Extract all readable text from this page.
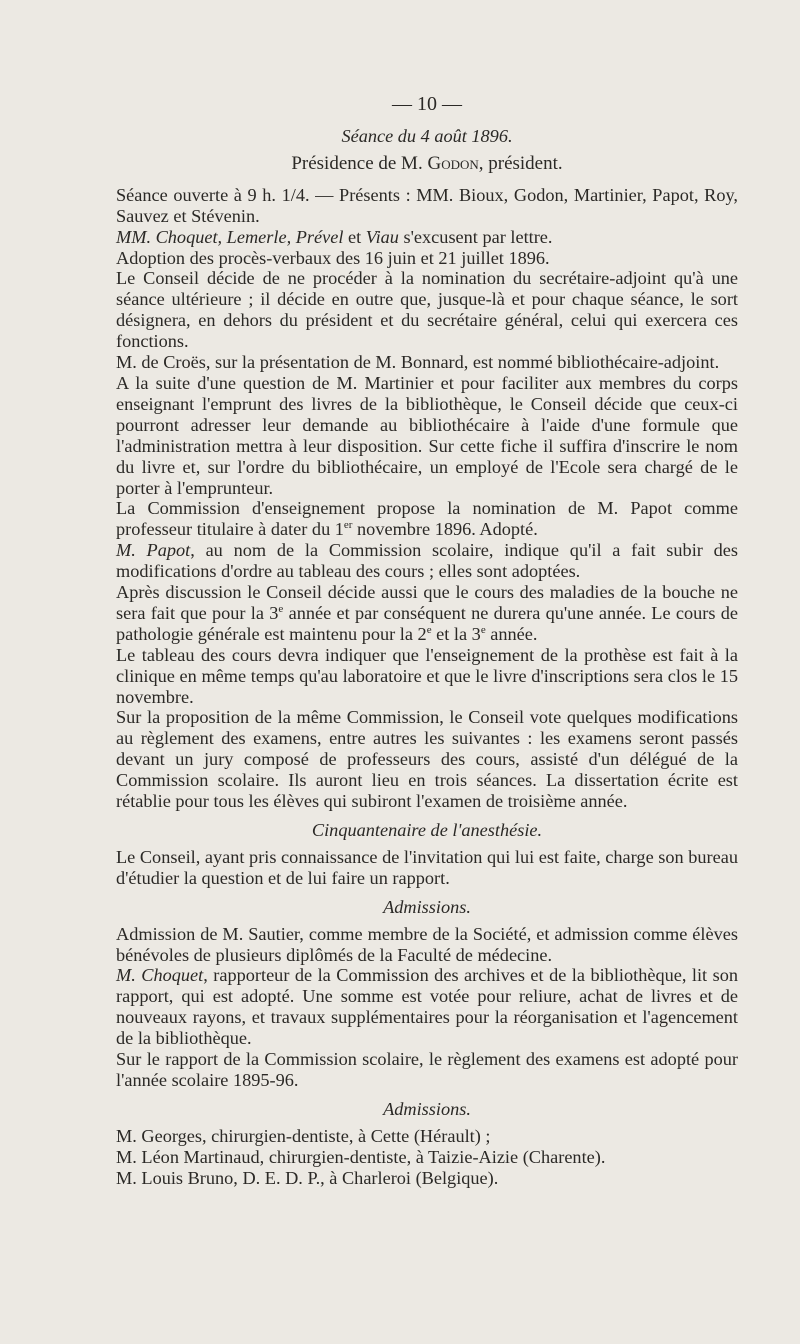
— 10 —
Séance du 4 août 1896.
Présidence de M. Godon, président.

Séance ouverte à 9 h. 1/4. — Présents : MM. Bioux, Godon, Martinier, Papot, Roy, Sauvez et Stévenin.

MM. Choquet, Lemerle, Prével et Viau s'excusent par lettre.

Adoption des procès-verbaux des 16 juin et 21 juillet 1896.

Le Conseil décide de ne procéder à la nomination du secrétaire-adjoint qu'à une séance ultérieure ; il décide en outre que, jusque-là et pour chaque séance, le sort désignera, en dehors du président et du secrétaire général, celui qui exercera ces fonctions.

M. de Croës, sur la présentation de M. Bonnard, est nommé bibliothécaire-adjoint.

A la suite d'une question de M. Martinier et pour faciliter aux membres du corps enseignant l'emprunt des livres de la bibliothèque, le Conseil décide que ceux-ci pourront adresser leur demande au bibliothécaire à l'aide d'une formule que l'administration mettra à leur disposition. Sur cette fiche il suffira d'inscrire le nom du livre et, sur l'ordre du bibliothécaire, un employé de l'Ecole sera chargé de le porter à l'emprunteur.

La Commission d'enseignement propose la nomination de M. Papot comme professeur titulaire à dater du 1er novembre 1896. Adopté.

M. Papot, au nom de la Commission scolaire, indique qu'il a fait subir des modifications d'ordre au tableau des cours ; elles sont adoptées.

Après discussion le Conseil décide aussi que le cours des maladies de la bouche ne sera fait que pour la 3e année et par conséquent ne durera qu'une année. Le cours de pathologie générale est maintenu pour la 2e et la 3e année.

Le tableau des cours devra indiquer que l'enseignement de la prothèse est fait à la clinique en même temps qu'au laboratoire et que le livre d'inscriptions sera clos le 15 novembre.

Sur la proposition de la même Commission, le Conseil vote quelques modifications au règlement des examens, entre autres les suivantes : les examens seront passés devant un jury composé de professeurs des cours, assisté d'un délégué de la Commission scolaire. Ils auront lieu en trois séances. La dissertation écrite est rétablie pour tous les élèves qui subiront l'examen de troisième année.

Cinquantenaire de l'anesthésie.

Le Conseil, ayant pris connaissance de l'invitation qui lui est faite, charge son bureau d'étudier la question et de lui faire un rapport.

Admissions.

Admission de M. Sautier, comme membre de la Société, et admission comme élèves bénévoles de plusieurs diplômés de la Faculté de médecine.

M. Choquet, rapporteur de la Commission des archives et de la bibliothèque, lit son rapport, qui est adopté. Une somme est votée pour reliure, achat de livres et de nouveaux rayons, et travaux supplémentaires pour la réorganisation et l'agencement de la bibliothèque.

Sur le rapport de la Commission scolaire, le règlement des examens est adopté pour l'année scolaire 1895-96.

Admissions.

M. Georges, chirurgien-dentiste, à Cette (Hérault) ;

M. Léon Martinaud, chirurgien-dentiste, à Taizie-Aizie (Charente).

M. Louis Bruno, D. E. D. P., à Charleroi (Belgique).
